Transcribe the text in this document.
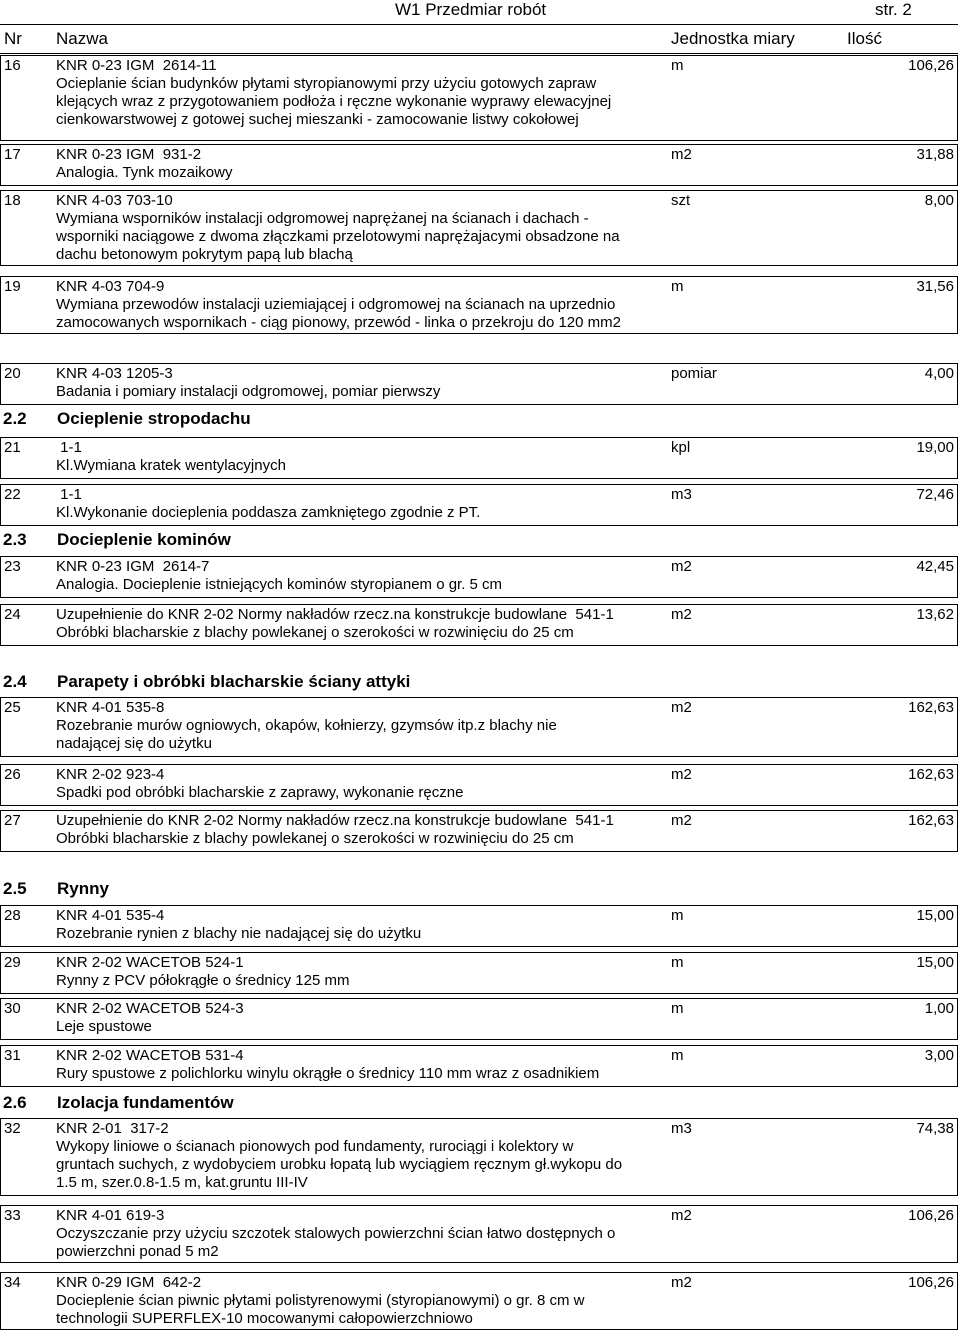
W1 Przedmiar robót	str. 2
Nr Nazwa	Jednostka miary	Ilość
16 KNR 0-23 IGM  2614-11	m	106,26
Ocieplanie ścian budynków płytami styropianowymi przy użyciu gotowych zapraw
klejących wraz z przygotowaniem podłoża i ręczne wykonanie wyprawy elewacyjnej
cienkowarstwowej z gotowej suchej mieszanki - zamocowanie listwy cokołowej
17 KNR 0-23 IGM  931-2	m2	31,88
Analogia. Tynk mozaikowy
18 KNR 4-03 703-10	szt	8,00
Wymiana wsporników instalacji odgromowej naprężanej na ścianach i dachach -
wsporniki naciągowe z dwoma złączkami przelotowymi naprężajacymi obsadzone na
dachu betonowym pokrytym papą lub blachą
19 KNR 4-03 704-9	m	31,56
Wymiana przewodów instalacji uziemiającej i odgromowej na ścianach na uprzednio
zamocowanych wspornikach - ciąg pionowy, przewód - linka o przekroju do 120 mm2
20 KNR 4-03 1205-3	pomiar	4,00
Badania i pomiary instalacji odgromowej, pomiar pierwszy
21 1-1	kpl	19,00
Kl.Wymiana kratek wentylacyjnych
22 1-1	m3	72,46
Kl.Wykonanie docieplenia poddasza zamkniętego zgodnie z PT.
23 KNR 0-23 IGM  2614-7	m2	42,45
Analogia. Docieplenie istniejących kominów styropianem o gr. 5 cm
24 Uzupełnienie do KNR 2-02 Normy nakładów rzecz.na konstrukcje budowlane  541-1	m2	13,62
Obróbki blacharskie z blachy powlekanej o szerokości w rozwinięciu do 25 cm
25 KNR 4-01 535-8	m2	162,63
Rozebranie murów ogniowych, okapów, kołnierzy, gzymsów itp.z blachy nie
nadającej się do użytku
26 KNR 2-02 923-4	m2	162,63
Spadki pod obróbki blacharskie z zaprawy, wykonanie ręczne
27 Uzupełnienie do KNR 2-02 Normy nakładów rzecz.na konstrukcje budowlane  541-1	m2	162,63
Obróbki blacharskie z blachy powlekanej o szerokości w rozwinięciu do 25 cm
28 KNR 4-01 535-4	m	15,00
Rozebranie rynien z blachy nie nadającej się do użytku
29 KNR 2-02 WACETOB 524-1	m	15,00
Rynny z PCV półokrągłe o średnicy 125 mm
30 KNR 2-02 WACETOB 524-3	m	1,00
Leje spustowe
31 KNR 2-02 WACETOB 531-4	m	3,00
Rury spustowe z polichlorku winylu okrągłe o średnicy 110 mm wraz z osadnikiem
32 KNR 2-01  317-2	m3	74,38
Wykopy liniowe o ścianach pionowych pod fundamenty, rurociągi i kolektory w
gruntach suchych, z wydobyciem urobku łopatą lub wyciągiem ręcznym gł.wykopu do
1.5 m, szer.0.8-1.5 m, kat.gruntu III-IV
33 KNR 4-01 619-3	m2	106,26
Oczyszczanie przy użyciu szczotek stalowych powierzchni ścian łatwo dostępnych o
powierzchni ponad 5 m2
34 KNR 0-29 IGM  642-2	m2	106,26
Docieplenie ścian piwnic płytami polistyrenowymi (styropianowymi) o gr. 8 cm w
technologii SUPERFLEX-10 mocowanymi całopowierzchniowo
2.2 Ocieplenie stropodachu
2.3 Docieplenie kominów
2.4 Parapety i obróbki blacharskie ściany attyki
2.5 Rynny
2.6 Izolacja fundamentów
